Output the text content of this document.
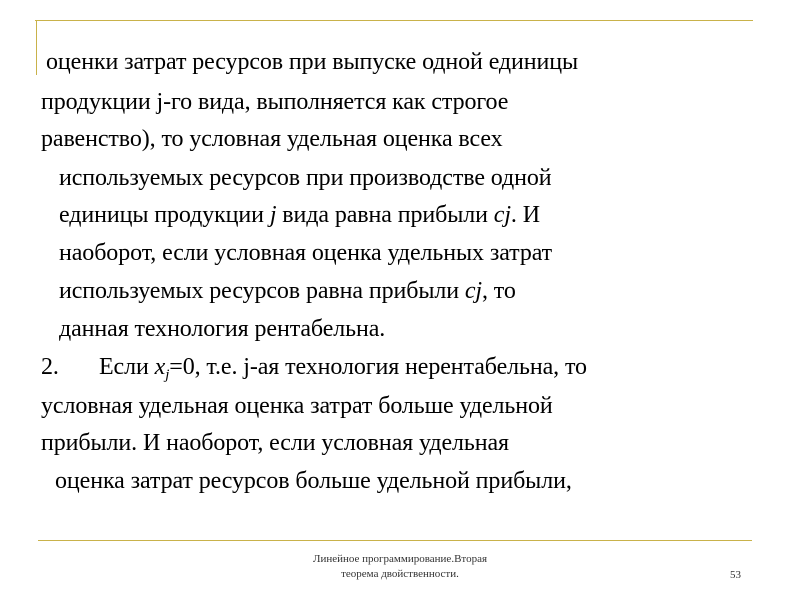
оценки затрат ресурсов при выпуске одной единицы
продукции j-го вида, выполняется как строгое
равенство), то условная удельная оценка всех
используемых ресурсов при производстве одной
единицы продукции j вида равна прибыли cj. И
наоборот, если условная оценка удельных затрат
используемых ресурсов равна прибыли cj, то
данная технология рентабельна.
2. Если $x_j=0$, т.е. j-ая технология нерентабельна, то
условная удельная оценка затрат больше удельной
прибыли. И наоборот, если условная удельная
оценка затрат ресурсов больше удельной прибыли,
Линейное программирование.Вторая
теорема двойственности.	53
